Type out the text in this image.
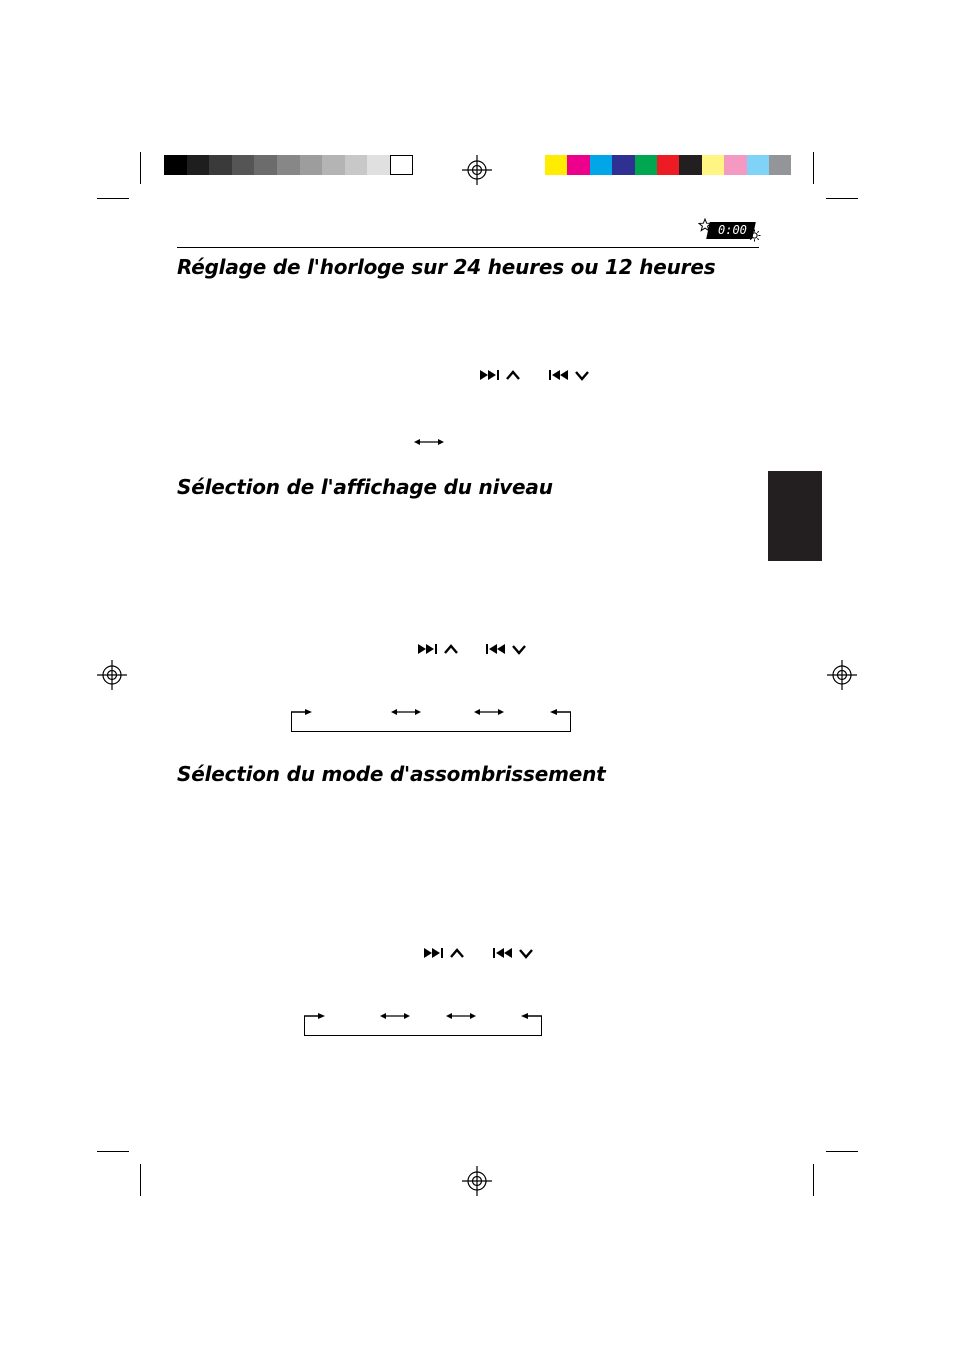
0:00
Réglage de l'horloge sur 24 heures ou 12 heures
Sélection de l'affichage du niveau
Sélection du mode d'assombrissement
